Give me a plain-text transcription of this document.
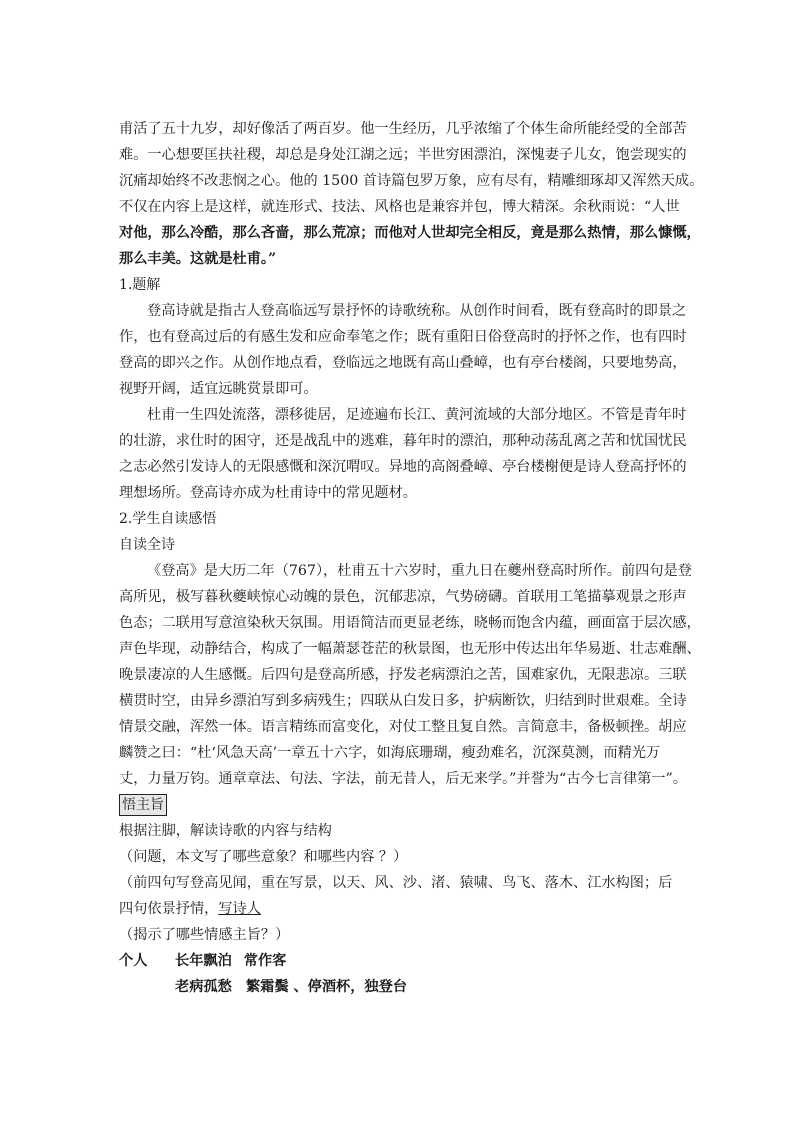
甫活了五十九岁，却好像活了两百岁。他一生经历，几乎浓缩了个体生命所能经受的全部苦
难。一心想要匡扶社稷，却总是身处江湖之远；半世穷困漂泊，深愧妻子儿女，饱尝现实的
沉痛却始终不改悲悯之心。他的 1500 首诗篇包罗万象，应有尽有，精雕细琢却又浑然天成。
不仅在内容上是这样，就连形式、技法、风格也是兼容并包，博大精深。余秋雨说：“人世
对他，那么冷酷，那么吝啬，那么荒凉；而他对人世却完全相反，竟是那么热情，那么慷慨，
那么丰美。这就是杜甫。”
1.题解
登高诗就是指古人登高临远写景抒怀的诗歌统称。从创作时间看，既有登高时的即景之
作，也有登高过后的有感生发和应命奉笔之作；既有重阳日俗登高时的抒怀之作，也有四时
登高的即兴之作。从创作地点看，登临远之地既有高山叠嶂，也有亭台楼阁，只要地势高，
视野开阔，适宜远眺赏景即可。
杜甫一生四处流落，漂移徙居，足迹遍布长江、黄河流域的大部分地区。不管是青年时
的壮游，求仕时的困守，还是战乱中的逃难，暮年时的漂泊，那种动荡乱离之苦和忧国忧民
之志必然引发诗人的无限感慨和深沉喟叹。异地的高阁叠嶂、亭台楼榭便是诗人登高抒怀的
理想场所。登高诗亦成为杜甫诗中的常见题材。
2.学生自读感悟
自读全诗
《登高》是大历二年（767），杜甫五十六岁时，重九日在夔州登高时所作。前四句是登
高所见，极写暮秋夔峡惊心动魄的景色，沉郁悲凉，气势磅礴。首联用工笔描摹观景之形声
色态；二联用写意渲染秋天氛围。用语简洁而更显老练，晓畅而饱含内蕴，画面富于层次感，
声色毕现，动静结合，构成了一幅萧瑟苍茫的秋景图，也无形中传达出年华易逝、壮志难酬、
晚景凄凉的人生感慨。后四句是登高所感，抒发老病漂泊之苦，国难家仇，无限悲凉。三联
横贯时空，由异乡漂泊写到多病残生；四联从白发日多，护病断饮，归结到时世艰难。全诗
情景交融，浑然一体。语言精练而富变化，对仗工整且复自然。言简意丰，备极顿挫。胡应
麟赞之曰：“杜‘风急天高’一章五十六字，如海底珊瑚，瘦劲难名，沉深莫测，而精光万
丈，力量万钧。通章章法、句法、字法，前无昔人，后无来学。”并誉为“古今七言律第一”。
悟主旨
根据注脚，解读诗歌的内容与结构
（问题，本文写了哪些意象？和哪些内容 ？）
（前四句写登高见闻，重在写景，以天、风、沙、渚、猿啸、鸟飞、落木、江水构图；后
四句依景抒情，写诗人
（揭示了哪些情感主旨？）
个人 长年飘泊 常作客
老病孤愁　繁霜鬓 、停酒杯，独登台
